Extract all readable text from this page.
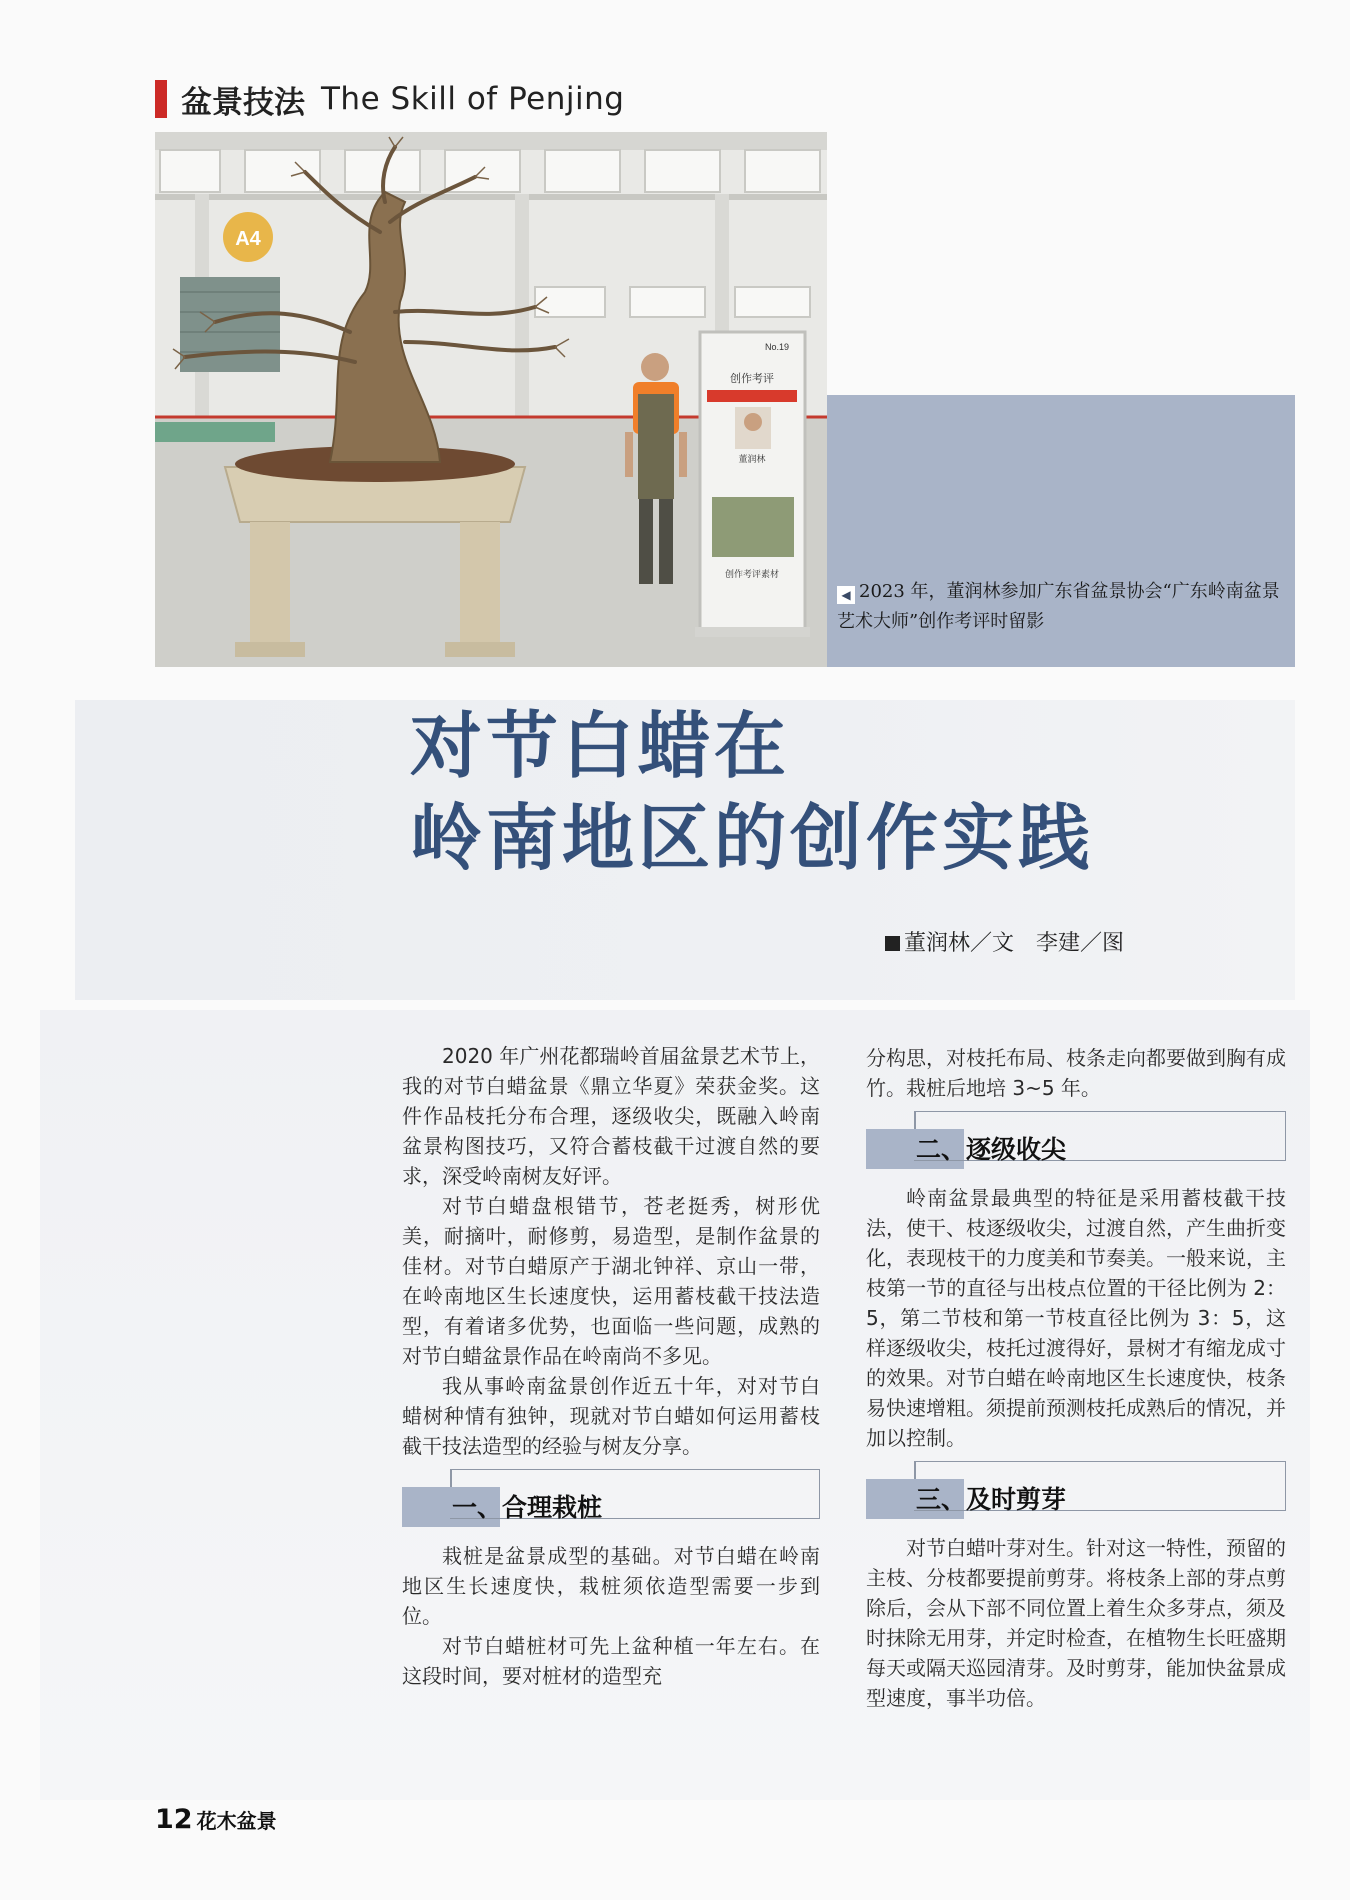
盆景技法 The Skill of Penjing
A4
No.19
创作考评
董润林
创作考评素材
◀ 2023 年，董润林参加广东省盆景协会“广东岭南盆景艺术大师”创作考评时留影
对节白蜡在
岭南地区的创作实践
董润林／文　李建／图

2020 年广州花都瑞岭首届盆景艺术节上，我的对节白蜡盆景《鼎立华夏》荣获金奖。这件作品枝托分布合理，逐级收尖，既融入岭南盆景构图技巧，又符合蓄枝截干过渡自然的要求，深受岭南树友好评。

对节白蜡盘根错节，苍老挺秀，树形优美，耐摘叶，耐修剪，易造型，是制作盆景的佳材。对节白蜡原产于湖北钟祥、京山一带，在岭南地区生长速度快，运用蓄枝截干技法造型，有着诸多优势，也面临一些问题，成熟的对节白蜡盆景作品在岭南尚不多见。

我从事岭南盆景创作近五十年，对对节白蜡树种情有独钟，现就对节白蜡如何运用蓄枝截干技法造型的经验与树友分享。

一、合理栽桩

栽桩是盆景成型的基础。对节白蜡在岭南地区生长速度快，栽桩须依造型需要一步到位。

对节白蜡桩材可先上盆种植一年左右。在这段时间，要对桩材的造型充

分构思，对枝托布局、枝条走向都要做到胸有成竹。栽桩后地培 3~5 年。

二、逐级收尖

岭南盆景最典型的特征是采用蓄枝截干技法，使干、枝逐级收尖，过渡自然，产生曲折变化，表现枝干的力度美和节奏美。一般来说，主枝第一节的直径与出枝点位置的干径比例为 2：5，第二节枝和第一节枝直径比例为 3：5，这样逐级收尖，枝托过渡得好，景树才有缩龙成寸的效果。对节白蜡在岭南地区生长速度快，枝条易快速增粗。须提前预测枝托成熟后的情况，并加以控制。

三、及时剪芽

对节白蜡叶芽对生。针对这一特性，预留的主枝、分枝都要提前剪芽。将枝条上部的芽点剪除后，会从下部不同位置上着生众多芽点，须及时抹除无用芽，并定时检查，在植物生长旺盛期每天或隔天巡园清芽。及时剪芽，能加快盆景成型速度，事半功倍。

12 花木盆景
